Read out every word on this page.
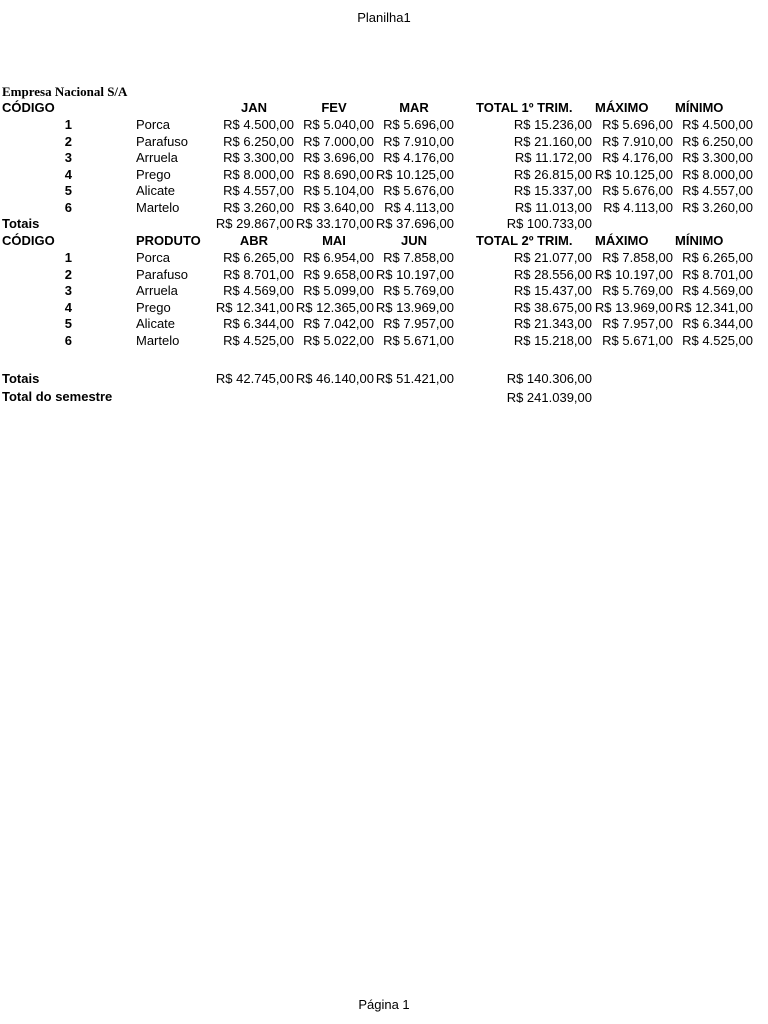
Planilha1
Empresa Nacional S/A
CÓDIGO	JAN	FEV	MAR	TOTAL 1º TRIM.	MÁXIMO	MÍNIMO
1	Porca	R$ 4.500,00 R$ 5.040,00 R$ 5.696,00	R$ 15.236,00 R$ 5.696,00 R$ 4.500,00
2	Parafuso	R$ 6.250,00 R$ 7.000,00 R$ 7.910,00	R$ 21.160,00 R$ 7.910,00 R$ 6.250,00
3	Arruela	R$ 3.300,00 R$ 3.696,00 R$ 4.176,00	R$ 11.172,00 R$ 4.176,00 R$ 3.300,00
4	Prego	R$ 8.000,00 R$ 8.690,00 R$ 10.125,00	R$ 26.815,00 R$ 10.125,00 R$ 8.000,00
5	Alicate	R$ 4.557,00 R$ 5.104,00 R$ 5.676,00	R$ 15.337,00 R$ 5.676,00 R$ 4.557,00
6	Martelo	R$ 3.260,00 R$ 3.640,00 R$ 4.113,00	R$ 11.013,00 R$ 4.113,00 R$ 3.260,00
Totais	R$ 29.867,00 R$ 33.170,00 R$ 37.696,00	R$ 100.733,00
CÓDIGO	PRODUTO	ABR	MAI	JUN	TOTAL 2º TRIM.	MÁXIMO	MÍNIMO
1	Porca	R$ 6.265,00 R$ 6.954,00 R$ 7.858,00	R$ 21.077,00 R$ 7.858,00 R$ 6.265,00
2	Parafuso	R$ 8.701,00 R$ 9.658,00 R$ 10.197,00	R$ 28.556,00 R$ 10.197,00 R$ 8.701,00
3	Arruela	R$ 4.569,00 R$ 5.099,00 R$ 5.769,00	R$ 15.437,00 R$ 5.769,00 R$ 4.569,00
4	Prego	R$ 12.341,00 R$ 12.365,00 R$ 13.969,00	R$ 38.675,00 R$ 13.969,00 R$ 12.341,00
5	Alicate	R$ 6.344,00 R$ 7.042,00 R$ 7.957,00	R$ 21.343,00 R$ 7.957,00 R$ 6.344,00
6	Martelo	R$ 4.525,00 R$ 5.022,00 R$ 5.671,00	R$ 15.218,00 R$ 5.671,00 R$ 4.525,00
Totais	R$ 42.745,00 R$ 46.140,00 R$ 51.421,00	R$ 140.306,00
Total do semestre	R$ 241.039,00
Página 1
